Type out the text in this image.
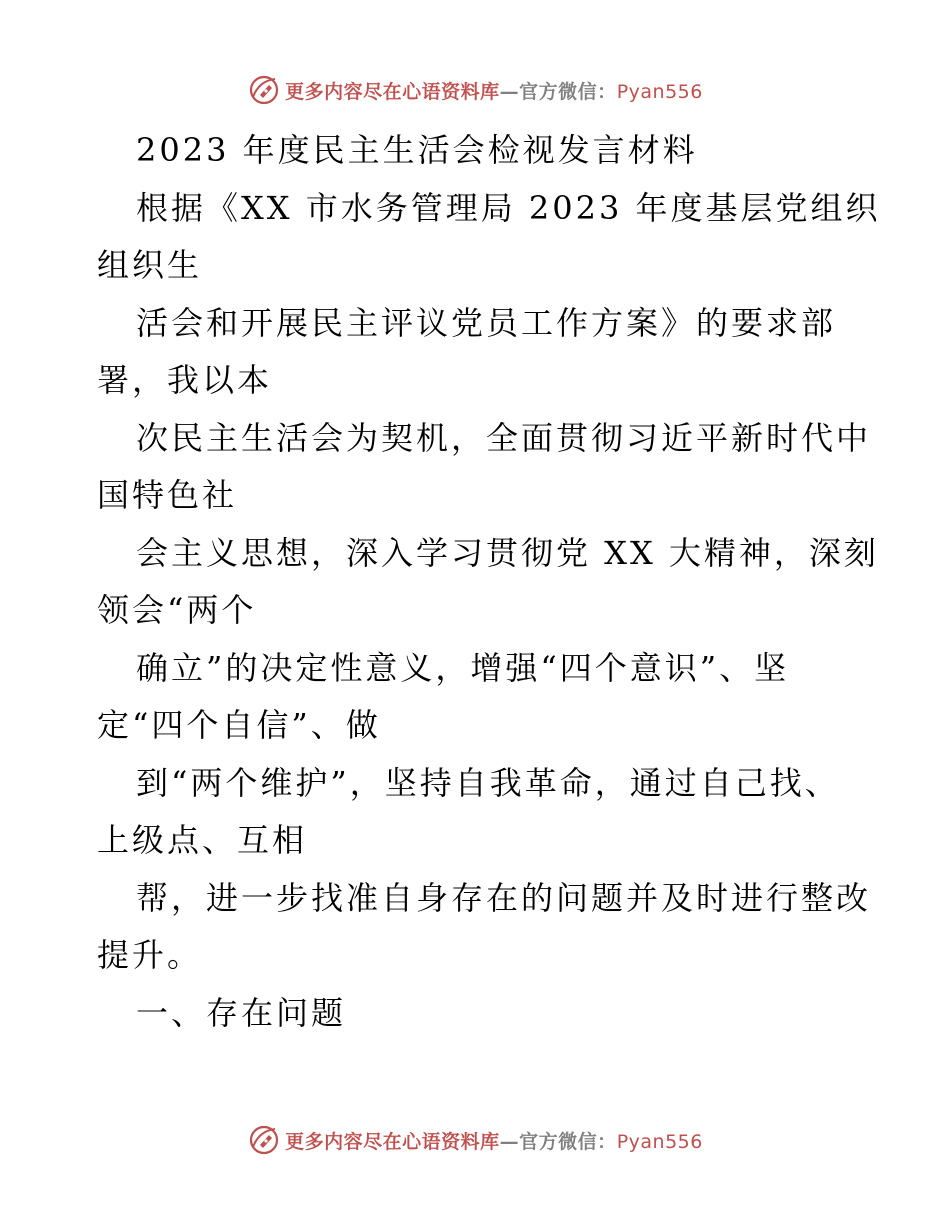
更多内容尽在心语资料库—官方微信：Pyan556
2023 年度民主生活会检视发言材料
根据《XX 市水务管理局 2023 年度基层党组织
组织生
活会和开展民主评议党员工作方案》的要求部
署，我以本
次民主生活会为契机，全面贯彻习近平新时代中
国特色社
会主义思想，深入学习贯彻党 XX 大精神，深刻
领会“两个
确立”的决定性意义，增强“四个意识”、坚
定“四个自信”、做
到“两个维护”，坚持自我革命，通过自己找、
上级点、互相
帮，进一步找准自身存在的问题并及时进行整改
提升。
一、存在问题
更多内容尽在心语资料库—官方微信：Pyan556
